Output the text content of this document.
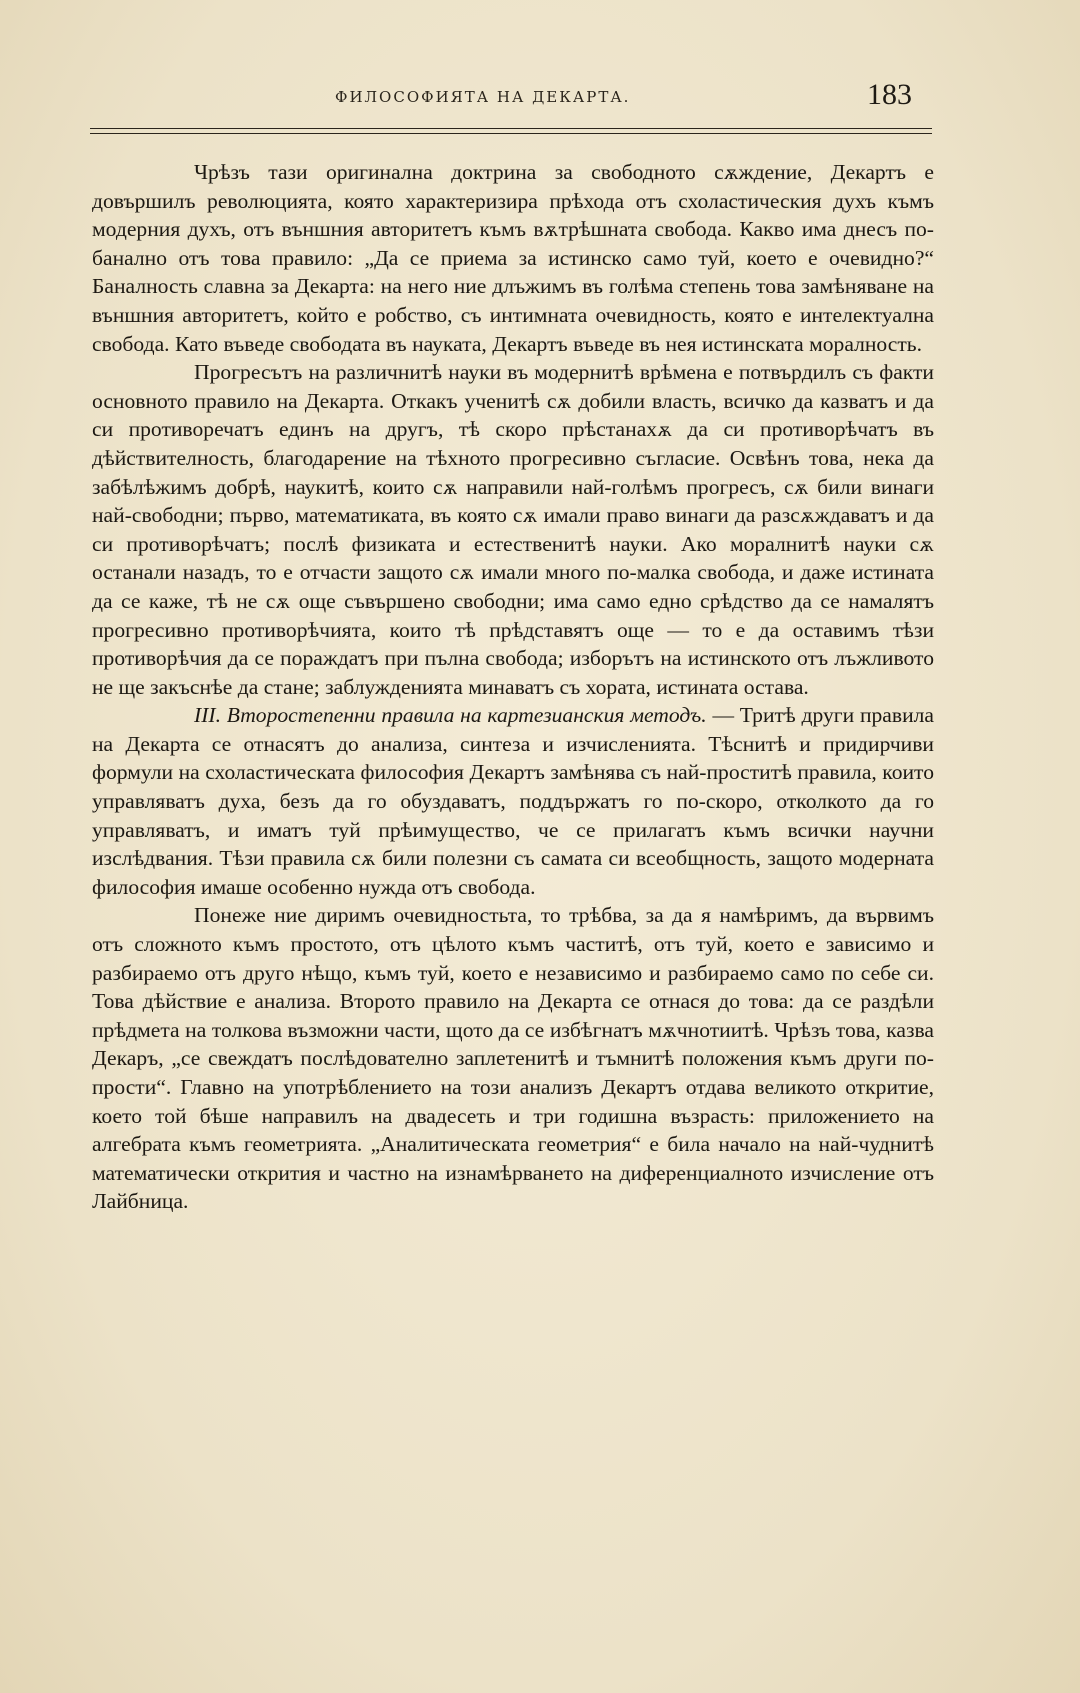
ФИЛОСОФИЯТА НА ДЕКАРТА.	183

Чрѣзъ тази оригинална доктрина за свободното сѫждение, Декартъ е довършилъ революцията, която характеризира прѣхода отъ схоластическия духъ къмъ модерния духъ, отъ външния авторитетъ къмъ вѫтрѣшната свобода. Какво има днесъ по-банално отъ това правило: „Да се приема за истинско само туй, което е очевидно?“ Баналность славна за Декарта: на него ние длъжимъ въ голѣма степень това замѣняване на външния авторитетъ, който е робство, съ интимната очевидность, която е интелектуална свобода. Като въведе свободата въ науката, Декартъ въведе въ нея истинската моралность.

Прогресътъ на различнитѣ науки въ модернитѣ врѣмена е потвърдилъ съ факти основното правило на Декарта. Откакъ ученитѣ сѫ добили власть, всичко да казватъ и да си противоречатъ единъ на другъ, тѣ скоро прѣстанахѫ да си противорѣчатъ въ дѣйствителность, благодарение на тѣхното прогресивно съгласие. Освѣнъ това, нека да забѣлѣжимъ добрѣ, наукитѣ, които сѫ направили най-голѣмъ прогресъ, сѫ били винаги най-свободни; първо, математиката, въ която сѫ имали право винаги да разсѫждаватъ и да си противорѣчатъ; послѣ физиката и естественитѣ науки. Ако моралнитѣ науки сѫ останали назадъ, то е отчасти защото сѫ имали много по-малка свобода, и даже истината да се каже, тѣ не сѫ още съвършено свободни; има само едно срѣдство да се намалятъ прогресивно противорѣчията, които тѣ прѣдставятъ още — то е да оставимъ тѣзи противорѣчия да се пораждатъ при пълна свобода; изборътъ на истинското отъ лъжливото не ще закъснѣе да стане; заблужденията минаватъ съ хората, истината остава.

III. Второстепенни правила на картезианския методъ. — Тритѣ други правила на Декарта се отнасятъ до анализа, синтеза и изчисленията. Тѣснитѣ и придирчиви формули на схоластическата философия Декартъ замѣнява съ най-проститѣ правила, които управляватъ духа, безъ да го обуздаватъ, поддържатъ го по-скоро, отколкото да го управляватъ, и иматъ туй прѣимущество, че се прилагатъ къмъ всички научни изслѣдвания. Тѣзи правила сѫ били полезни съ самата си всеобщность, защото модерната философия имаше особенно нужда отъ свобода.

Понеже ние диримъ очевидностьта, то трѣбва, за да я намѣримъ, да вървимъ отъ сложното къмъ простото, отъ цѣлото къмъ частитѣ, отъ туй, което е зависимо и разбираемо отъ друго нѣщо, къмъ туй, което е независимо и разбираемо само по себе си. Това дѣйствие е анализа. Второто правило на Декарта се отнася до това: да се раздѣли прѣдмета на толкова възможни части, щото да се избѣгнатъ мѫчнотиитѣ. Чрѣзъ това, казва Декаръ, „се свеждатъ послѣдователно заплетенитѣ и тъмнитѣ положения къмъ други по-прости“. Главно на употрѣблението на този анализъ Декартъ отдава великото откритие, което той бѣше направилъ на двадесеть и три годишна възрасть: приложението на алгебрата къмъ геометрията. „Аналитическата геометрия“ е била начало на най-чуднитѣ математически открития и частно на изнамѣрването на диференциалното изчисление отъ Лайбница.
